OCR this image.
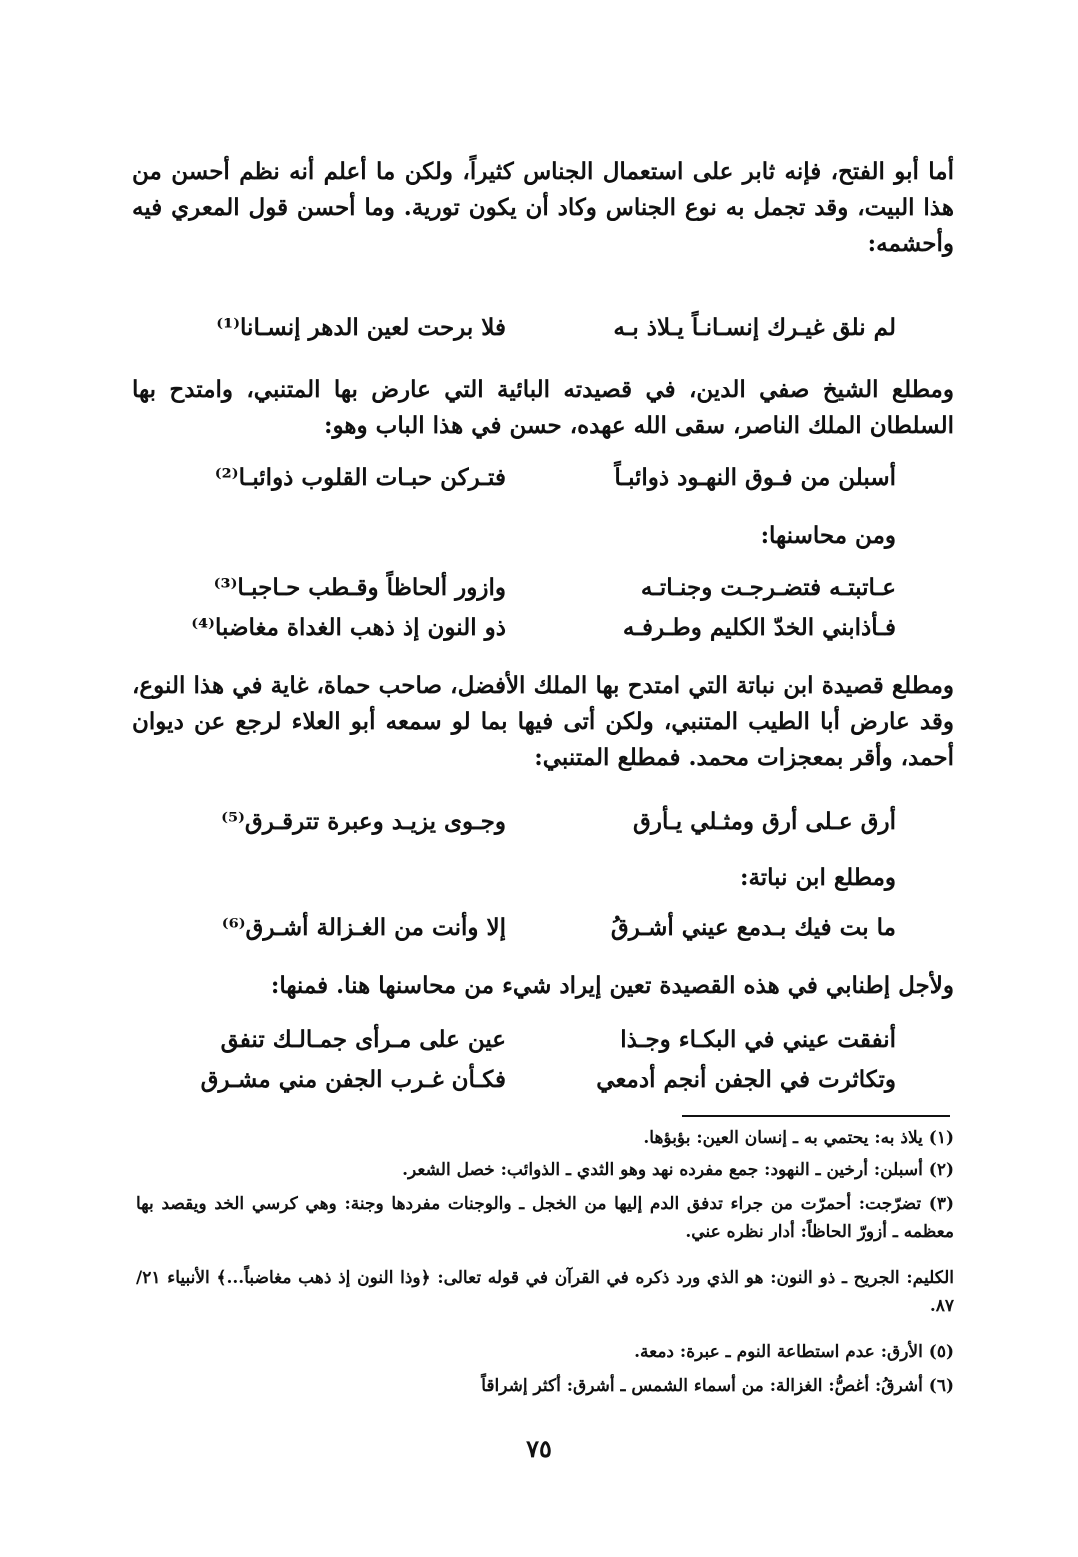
أما أبو الفتح، فإنه ثابر على استعمال الجناس كثيراً، ولكن ما أعلم أنه نظم أحسن من هذا البيت، وقد تجمل به نوع الجناس وكاد أن يكون تورية. وما أحسن قول المعري فيه وأحشمه:
لم نلق غيـرك إنسـانـاً يـلاذ بـه
فلا برحت لعين الدهر إنسـانا⁽¹⁾
ومطلع الشيخ صفي الدين، في قصيدته البائية التي عارض بها المتنبي، وامتدح بها السلطان الملك الناصر، سقى الله عهده، حسن في هذا الباب وهو:
أسبلن من فـوق النهـود ذوائبـاً
فتـركن حبـات القلوب ذوائبـا⁽²⁾
ومن محاسنها:
عـاتبتـه فتضـرجـت وجنـاتـه
وازور ألحاظاً وقـطب حـاجبـا⁽³⁾
فـأذابني الخدّ الكليم وطـرفـه
ذو النون إذ ذهب الغداة مغاضبا⁽⁴⁾
ومطلع قصيدة ابن نباتة التي امتدح بها الملك الأفضل، صاحب حماة، غاية في هذا النوع، وقد عارض أبا الطيب المتنبي، ولكن أتى فيها بما لو سمعه أبو العلاء لرجع عن ديوان أحمد، وأقر بمعجزات محمد. فمطلع المتنبي:
أرق عـلى أرق ومثـلي يـأرق
وجـوى يزيـد وعبرة تترقـرق⁽⁵⁾
ومطلع ابن نباتة:
ما بت فيك بـدمع عيني أشـرقُ
إلا وأنت من الغـزالة أشـرق⁽⁶⁾
ولأجل إطنابي في هذه القصيدة تعين إيراد شيء من محاسنها هنا. فمنها:
أنفقت عيني في البكـاء وجـذا
عين على مـرأى جمـالـك تنفق
وتكاثرت في الجفن أنجم أدمعي
فكـأن غـرب الجفن مني مشـرق
(١) يلاذ به: يحتمي به ـ إنسان العين: بؤبؤها.
(٢) أسبلن: أرخين ـ النهود: جمع مفرده نهد وهو الثدي ـ الذوائب: خصل الشعر.
(٣) تضرّجت: أحمرّت من جراء تدفق الدم إليها من الخجل ـ والوجنات مفردها وجنة: وهي كرسي الخد ويقصد بها معظمه ـ أزورّ الحاظاً: أدار نظره عني.
الكليم: الجريح ـ ذو النون: هو الذي ورد ذكره في القرآن في قوله تعالى: ﴿وذا النون إذ ذهب مغاضباً...﴾ الأنبياء ٢١/ ٨٧.
(٥) الأرق: عدم استطاعة النوم ـ عبرة: دمعة.
(٦) أشرقُ: أغصُّ: الغزالة: من أسماء الشمس ـ أشرق: أكثر إشراقاً
٧٥
